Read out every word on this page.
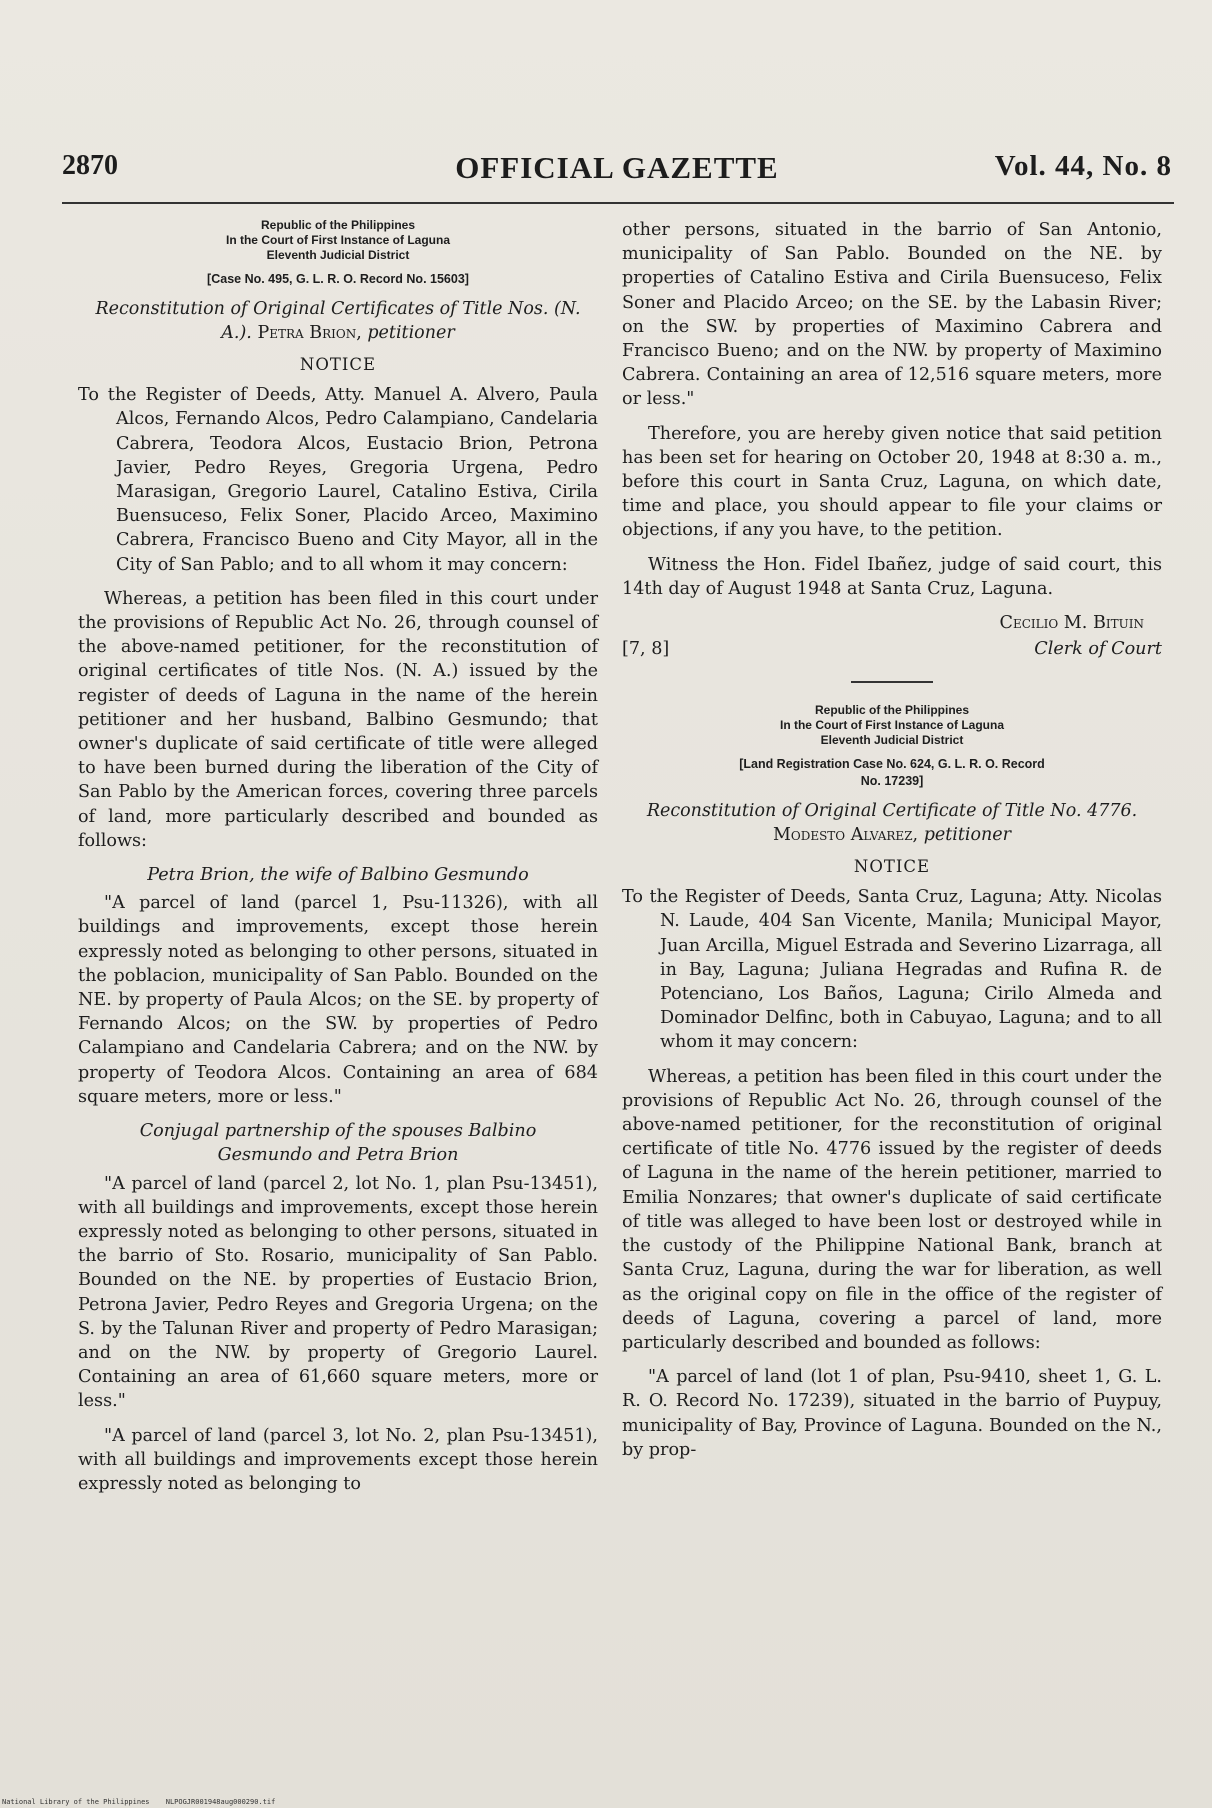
OFFICIAL GAZETTE
2870	Vol. 44, No. 8
Republic of the Philippines
In the Court of First Instance of Laguna
Eleventh Judicial District
[Case No. 495, G. L. R. O. Record No. 15603]
Reconstitution of Original Certificates of Title Nos. (N. A.). Petra Brion, petitioner
NOTICE

To the Register of Deeds, Atty. Manuel A. Alvero, Paula Alcos, Fernando Alcos, Pedro Calampiano, Candelaria Cabrera, Teodora Alcos, Eustacio Brion, Petrona Javier, Pedro Reyes, Gregoria Urgena, Pedro Marasigan, Gregorio Laurel, Catalino Estiva, Cirila Buensuceso, Felix Soner, Placido Arceo, Maximino Cabrera, Francisco Bueno and City Mayor, all in the City of San Pablo; and to all whom it may concern:

Whereas, a petition has been filed in this court under the provisions of Republic Act No. 26, through counsel of the above-named petitioner, for the reconstitution of original certificates of title Nos. (N. A.) issued by the register of deeds of Laguna in the name of the herein petitioner and her husband, Balbino Gesmundo; that owner's duplicate of said certificate of title were alleged to have been burned during the liberation of the City of San Pablo by the American forces, covering three parcels of land, more particularly described and bounded as follows:

Petra Brion, the wife of Balbino Gesmundo

"A parcel of land (parcel 1, Psu-11326), with all buildings and improvements, except those herein expressly noted as belonging to other persons, situated in the poblacion, municipality of San Pablo. Bounded on the NE. by property of Paula Alcos; on the SE. by property of Fernando Alcos; on the SW. by properties of Pedro Calampiano and Candelaria Cabrera; and on the NW. by property of Teodora Alcos. Containing an area of 684 square meters, more or less."

Conjugal partnership of the spouses Balbino
Gesmundo and Petra Brion

"A parcel of land (parcel 2, lot No. 1, plan Psu-13451), with all buildings and improvements, except those herein expressly noted as belonging to other persons, situated in the barrio of Sto. Rosario, municipality of San Pablo. Bounded on the NE. by properties of Eustacio Brion, Petrona Javier, Pedro Reyes and Gregoria Urgena; on the S. by the Talunan River and property of Pedro Marasigan; and on the NW. by property of Gregorio Laurel. Containing an area of 61,660 square meters, more or less."

"A parcel of land (parcel 3, lot No. 2, plan Psu-13451), with all buildings and improvements except those herein expressly noted as belonging to

other persons, situated in the barrio of San Antonio, municipality of San Pablo. Bounded on the NE. by properties of Catalino Estiva and Cirila Buensuceso, Felix Soner and Placido Arceo; on the SE. by the Labasin River; on the SW. by properties of Maximino Cabrera and Francisco Bueno; and on the NW. by property of Maximino Cabrera. Containing an area of 12,516 square meters, more or less."

Therefore, you are hereby given notice that said petition has been set for hearing on October 20, 1948 at 8:30 a. m., before this court in Santa Cruz, Laguna, on which date, time and place, you should appear to file your claims or objections, if any you have, to the petition.

Witness the Hon. Fidel Ibañez, judge of said court, this 14th day of August 1948 at Santa Cruz, Laguna.

Cecilio M. Bituin
Clerk of Court
[7, 8]
Republic of the Philippines
In the Court of First Instance of Laguna
Eleventh Judicial District
[Land Registration Case No. 624, G. L. R. O. Record
No. 17239]
Reconstitution of Original Certificate of Title No. 4776. Modesto Alvarez, petitioner
NOTICE

To the Register of Deeds, Santa Cruz, Laguna; Atty. Nicolas N. Laude, 404 San Vicente, Manila; Municipal Mayor, Juan Arcilla, Miguel Estrada and Severino Lizarraga, all in Bay, Laguna; Juliana Hegradas and Rufina R. de Potenciano, Los Baños, Laguna; Cirilo Almeda and Dominador Delfinc, both in Cabuyao, Laguna; and to all whom it may concern:

Whereas, a petition has been filed in this court under the provisions of Republic Act No. 26, through counsel of the above-named petitioner, for the reconstitution of original certificate of title No. 4776 issued by the register of deeds of Laguna in the name of the herein petitioner, married to Emilia Nonzares; that owner's duplicate of said certificate of title was alleged to have been lost or destroyed while in the custody of the Philippine National Bank, branch at Santa Cruz, Laguna, during the war for liberation, as well as the original copy on file in the office of the register of deeds of Laguna, covering a parcel of land, more particularly described and bounded as follows:

"A parcel of land (lot 1 of plan, Psu-9410, sheet 1, G. L. R. O. Record No. 17239), situated in the barrio of Puypuy, municipality of Bay, Province of Laguna. Bounded on the N., by prop-

National Library of the Philippines NLPOGJR001948aug000290.tif
